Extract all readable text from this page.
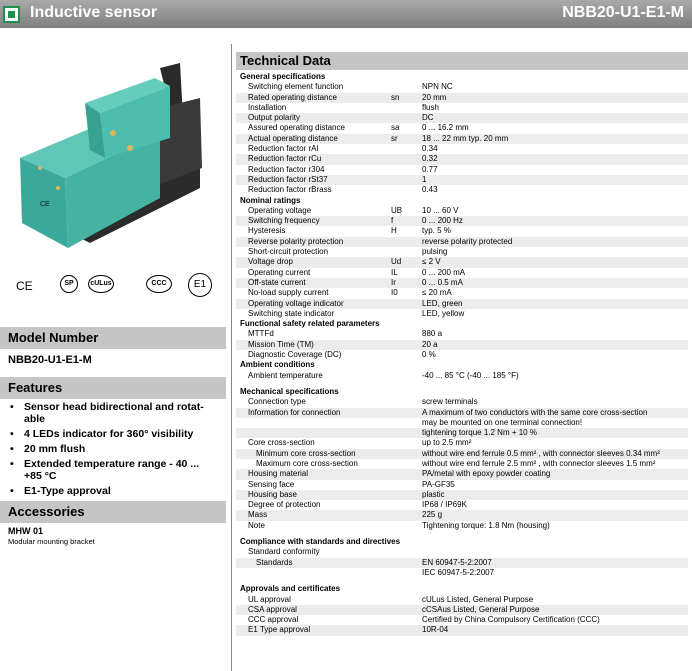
Inductive sensor	NBB20-U1-E1-M
CE
CE	SP	cULus	CCC	E1
Model Number
NBB20-U1-E1-M
Features
• Sensor head bidirectional and rotat-able
• 4 LEDs indicator for 360° visibility
• 20 mm flush
• Extended temperature range - 40 ... +85 °C
• E1-Type approval
Accessories
MHW 01
Modular mounting bracket
Technical Data
General specifications
Switching element function	NPN NC
Rated operating distance	sn	20 mm
Installation	flush
Output polarity	DC
Assured operating distance	sa	0 ... 16.2 mm
Actual operating distance	sr	18 ... 22 mm typ. 20 mm
Reduction factor rAl	0.34
Reduction factor rCu	0.32
Reduction factor r304	0.77
Reduction factor rSt37	1
Reduction factor rBrass	0.43
Nominal ratings
Operating voltage	UB 10 ... 60 V
Switching frequency	f	0 ... 200 Hz
Hysteresis	H	typ. 5 %
Reverse polarity protection	reverse polarity protected
Short-circuit protection	pulsing
Voltage drop	Ud	≤ 2 V
Operating current	IL	0 ... 200 mA
Off-state current	Ir	0 ... 0.5 mA
No-load supply current	I0	≤ 20 mA
Operating voltage indicator	LED, green
Switching state indicator	LED, yellow
Functional safety related parameters
MTTFd	880 a
Mission Time (TM)	20 a
Diagnostic Coverage (DC)	0 %
Ambient conditions
Ambient temperature	-40 ... 85 °C (-40 ... 185 °F)
Mechanical specifications
Connection type	screw terminals
Information for connection	A maximum of two conductors with the same core cross-section
may be mounted on one terminal connection!
tightening torque 1.2 Nm + 10 %
Core cross-section	up to 2.5 mm²
Minimum core cross-section	without wire end ferrule 0.5 mm² , with connector sleeves 0.34 mm²
Maximum core cross-section	without wire end ferrule 2.5 mm² , with connector sleeves 1.5 mm²
Housing material	PA/metal with epoxy powder coating
Sensing face	PA-GF35
Housing base	plastic
Degree of protection	IP68 / IP69K
Mass	225 g
Note	Tightening torque: 1.8 Nm (housing)
Compliance with standards and directives
Standard conformity
Standards	EN 60947-5-2:2007
IEC 60947-5-2:2007
Approvals and certificates
UL approval	cULus Listed, General Purpose
CSA approval	cCSAus Listed, General Purpose
CCC approval	Certified by China Compulsory Certification (CCC)
E1 Type approval	10R-04
